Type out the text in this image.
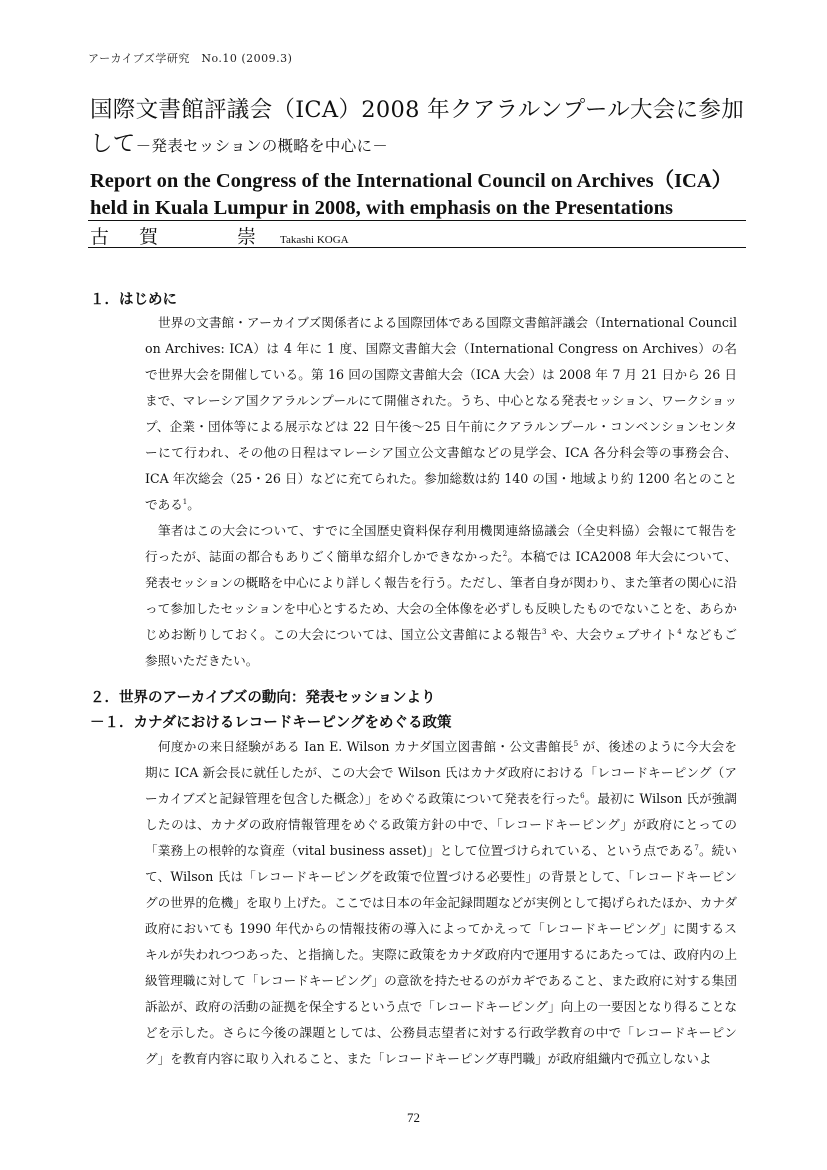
アーカイブズ学研究　No.10 (2009.3)
国際文書館評議会（ICA）2008 年クアラルンプール大会に参加して－発表セッションの概略を中心に－
Report on the Congress of the International Council on Archives（ICA）held in Kuala Lumpur in 2008, with emphasis on the Presentations
古賀　崇
Takashi KOGA
１．はじめに

世界の文書館・アーカイブズ関係者による国際団体である国際文書館評議会（International Council on Archives: ICA）は 4 年に 1 度、国際文書館大会（International Congress on Archives）の名で世界大会を開催している。第 16 回の国際文書館大会（ICA 大会）は 2008 年 7 月 21 日から 26 日まで、マレーシア国クアラルンプールにて開催された。うち、中心となる発表セッション、ワークショップ、企業・団体等による展示などは 22 日午後～25 日午前にクアラルンプール・コンベンションセンターにて行われ、その他の日程はマレーシア国立公文書館などの見学会、ICA 各分科会等の事務会合、ICA 年次総会（25・26 日）などに充てられた。参加総数は約 140 の国・地域より約 1200 名とのことである$^1$。

筆者はこの大会について、すでに全国歴史資料保存利用機関連絡協議会（全史料協）会報にて報告を行ったが、誌面の都合もありごく簡単な紹介しかできなかった$^2$。本稿では ICA2008 年大会について、発表セッションの概略を中心により詳しく報告を行う。ただし、筆者自身が関わり、また筆者の関心に沿って参加したセッションを中心とするため、大会の全体像を必ずしも反映したものでないことを、あらかじめお断りしておく。この大会については、国立公文書館による報告$^3$ や、大会ウェブサイト$^4$ などもご参照いただきたい。

２．世界のアーカイブズの動向：発表セッションより
－１．カナダにおけるレコードキーピングをめぐる政策

何度かの来日経験がある Ian E. Wilson カナダ国立図書館・公文書館長$^5$ が、後述のように今大会を期に ICA 新会長に就任したが、この大会で Wilson 氏はカナダ政府における「レコードキーピング（アーカイブズと記録管理を包含した概念）」をめぐる政策について発表を行った$^6$。最初に Wilson 氏が強調したのは、カナダの政府情報管理をめぐる政策方針の中で、「レコードキーピング」が政府にとっての「業務上の根幹的な資産（vital business asset)」として位置づけられている、という点である$^7$。続いて、Wilson 氏は「レコードキーピングを政策で位置づける必要性」の背景として、「レコードキーピングの世界的危機」を取り上げた。ここでは日本の年金記録問題などが実例として掲げられたほか、カナダ政府においても 1990 年代からの情報技術の導入によってかえって「レコードキーピング」に関するスキルが失われつつあった、と指摘した。実際に政策をカナダ政府内で運用するにあたっては、政府内の上級管理職に対して「レコードキーピング」の意欲を持たせるのがカギであること、また政府に対する集団訴訟が、政府の活動の証拠を保全するという点で「レコードキーピング」向上の一要因となり得ることなどを示した。さらに今後の課題としては、公務員志望者に対する行政学教育の中で「レコードキーピング」を教育内容に取り入れること、また「レコードキーピング専門職」が政府組織内で孤立しないよ

72
